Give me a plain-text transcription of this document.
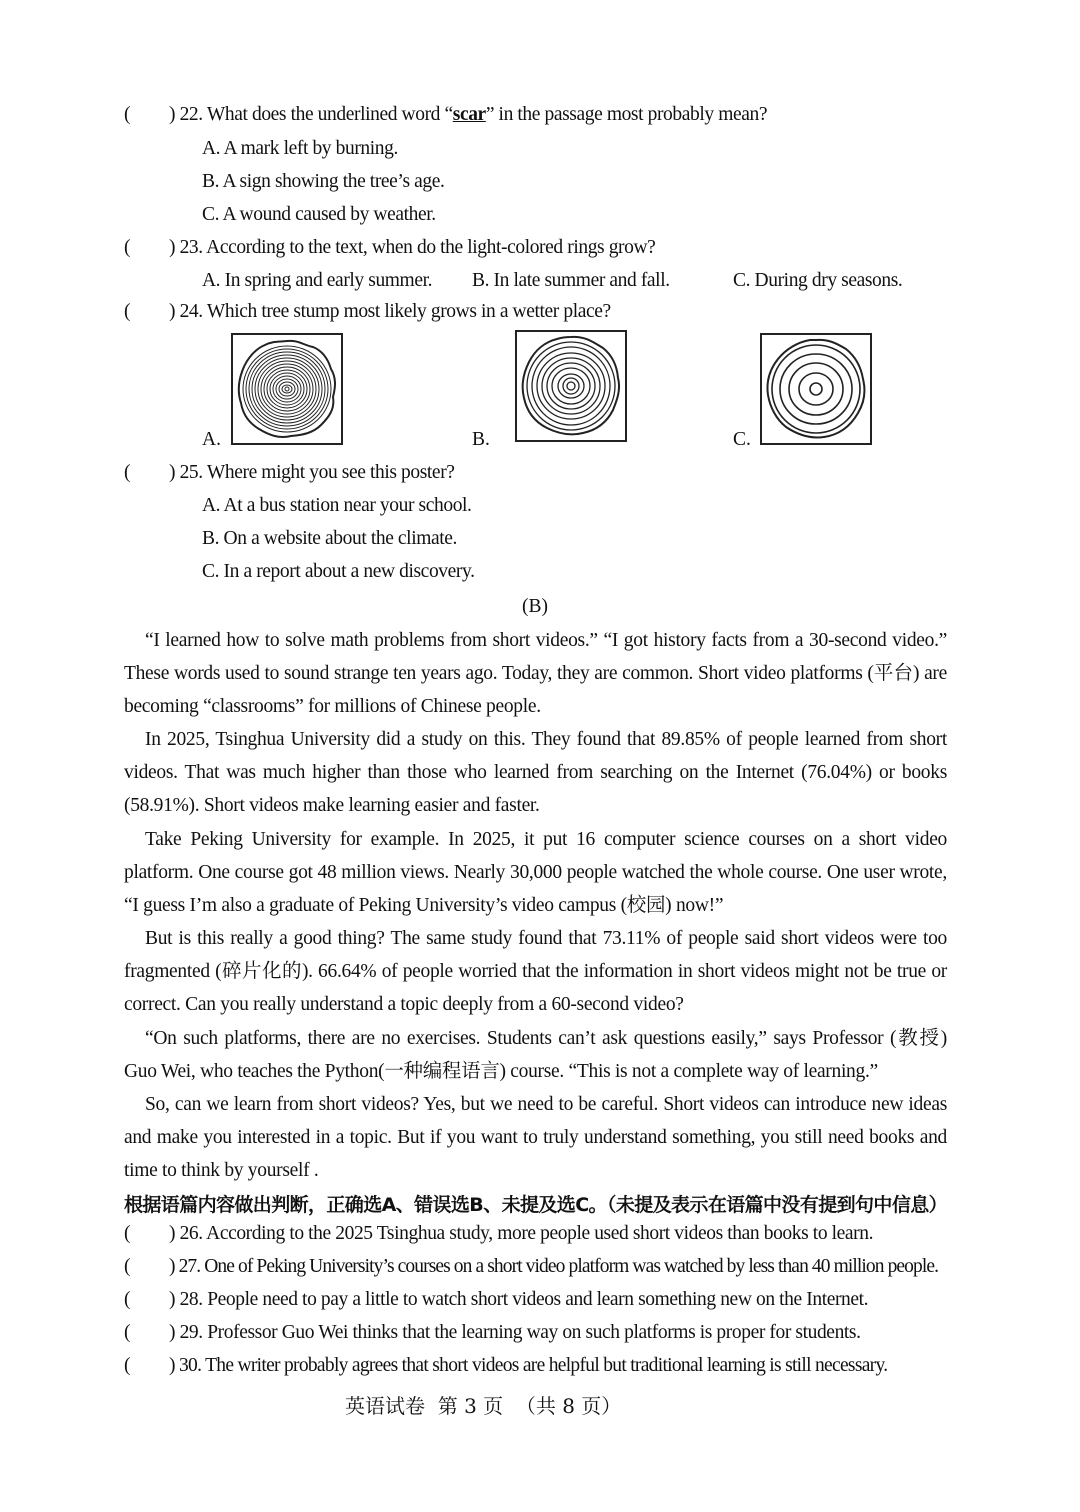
( ) 22. What does the underlined word “scar” in the passage most probably mean?
A. A mark left by burning.
B. A sign showing the tree’s age.
C. A wound caused by weather.
( ) 23. According to the text, when do the light-colored rings grow?
A. In spring and early summer. B. In late summer and fall.	C. During dry seasons.
( ) 24. Which tree stump most likely grows in a wetter place?
A.	B.	C.
( ) 25. Where might you see this poster?
A. At a bus station near your school.
B. On a website about the climate.
C. In a report about a new discovery.
(B)
“I learned how to solve math problems from short videos.” “I got history facts from a 30-second video.” These words used to sound strange ten years ago. Today, they are common. Short video platforms (平台) are becoming “classrooms” for millions of Chinese people.
In 2025, Tsinghua University did a study on this. They found that 89.85% of people learned from short videos. That was much higher than those who learned from searching on the Internet (76.04%) or books (58.91%). Short videos make learning easier and faster.
Take Peking University for example. In 2025, it put 16 computer science courses on a short video platform. One course got 48 million views. Nearly 30,000 people watched the whole course. One user wrote, “I guess I’m also a graduate of Peking University’s video campus (校园) now!”
But is this really a good thing? The same study found that 73.11% of people said short videos were too fragmented (碎片化的). 66.64% of people worried that the information in short videos might not be true or correct. Can you really understand a topic deeply from a 60-second video?
“On such platforms, there are no exercises. Students can’t ask questions easily,” says Professor (教授) Guo Wei, who teaches the Python(一种编程语言) course. “This is not a complete way of learning.”
So, can we learn from short videos? Yes, but we need to be careful. Short videos can introduce new ideas and make you interested in a topic. But if you want to truly understand something, you still need books and time to think by yourself .
根据语篇内容做出判断，正确选A、错误选B、未提及选C。（未提及表示在语篇中没有提到句中信息）
( ) 26. According to the 2025 Tsinghua study, more people used short videos than books to learn.
( ) 27. One of Peking University’s courses on a short video platform was watched by less than 40 million people.
( ) 28. People need to pay a little to watch short videos and learn something new on the Internet.
( ) 29. Professor Guo Wei thinks that the learning way on such platforms is proper for students.
( ) 30. The writer probably agrees that short videos are helpful but traditional learning is still necessary.
英语试卷  第 3 页  （共 8 页）
